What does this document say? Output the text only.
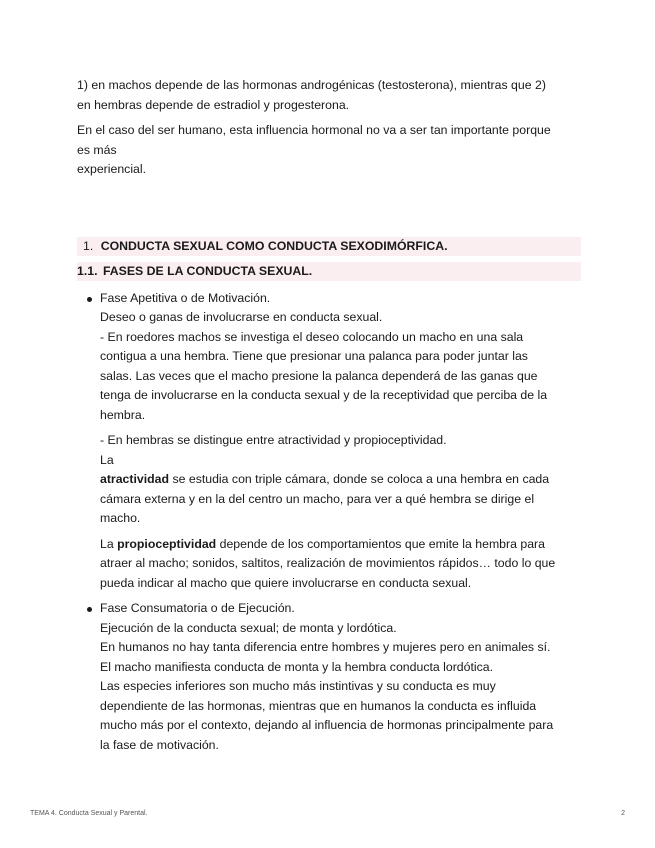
1) en machos depende de las hormonas androgénicas (testosterona), mientras que 2)
en hembras depende de estradiol y progesterona.

En el caso del ser humano, esta influencia hormonal no va a ser tan importante porque
es más
experiencial.

1. CONDUCTA SEXUAL COMO CONDUCTA SEXODIMÓRFICA.
1.1. FASES DE LA CONDUCTA SEXUAL.
Fase Apetitiva o de Motivación.
Deseo o ganas de involucrarse en conducta sexual.
- En roedores machos se investiga el deseo colocando un macho en una sala
contigua a una hembra. Tiene que presionar una palanca para poder juntar las
salas. Las veces que el macho presione la palanca dependerá de las ganas que
tenga de involucrarse en la conducta sexual y de la receptividad que perciba de la
hembra.
- En hembras se distingue entre atractividad y propioceptividad.
La
atractividad se estudia con triple cámara, donde se coloca a una hembra en cada
cámara externa y en la del centro un macho, para ver a qué hembra se dirige el
macho.
La propioceptividad depende de los comportamientos que emite la hembra para
atraer al macho; sonidos, saltitos, realización de movimientos rápidos… todo lo que
pueda indicar al macho que quiere involucrarse en conducta sexual.
Fase Consumatoria o de Ejecución.
Ejecución de la conducta sexual; de monta y lordótica.
En humanos no hay tanta diferencia entre hombres y mujeres pero en animales sí.
El macho manifiesta conducta de monta y la hembra conducta lordótica.
Las especies inferiores son mucho más instintivas y su conducta es muy
dependiente de las hormonas, mientras que en humanos la conducta es influida
mucho más por el contexto, dejando al influencia de hormonas principalmente para
la fase de motivación.
TEMA 4. Conducta Sexual y Parental.	2
